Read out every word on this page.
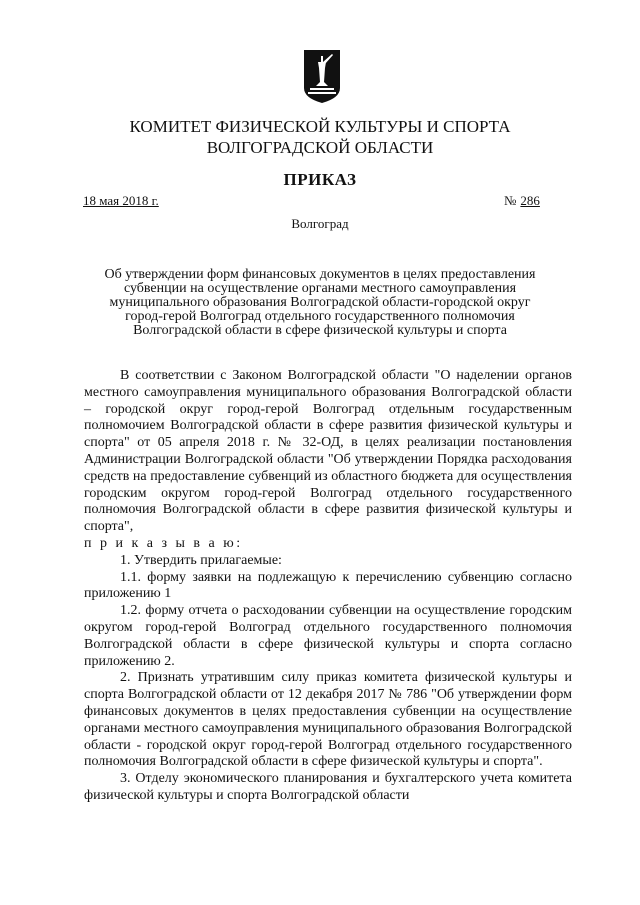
КОМИТЕТ ФИЗИЧЕСКОЙ КУЛЬТУРЫ И СПОРТА
ВОЛГОГРАДСКОЙ ОБЛАСТИ
ПРИКАЗ
18 мая 2018 г.	№ 286
Волгоград
Об утверждении форм финансовых документов в целях предоставления
субвенции на осуществление органами местного самоуправления
муниципального образования Волгоградской области-городской округ
город-герой Волгоград отдельного государственного полномочия
Волгоградской области в сфере физической культуры и спорта

В соответствии с Законом Волгоградской области "О наделении органов местного самоуправления муниципального образования Волгоградской области – городской округ город-герой Волгоград отдельным государственным полномочием Волгоградской области в сфере развития физической культуры и спорта" от 05 апреля 2018 г. № 32-ОД, в целях реализации постановления Администрации Волгоградской области "Об утверждении Порядка расходования средств на предоставление субвенций из областного бюджета для осуществления городским округом город-герой Волгоград отдельного государственного полномочия Волгоградской области в сфере развития физической культуры и спорта",

п р и к а з ы в а ю:

1. Утвердить прилагаемые:

1.1. форму заявки на подлежащую к перечислению субвенцию согласно приложению 1

1.2. форму отчета о расходовании субвенции на осуществление городским округом город-герой Волгоград отдельного государственного полномочия Волгоградской области в сфере физической культуры и спорта согласно приложению 2.

2. Признать утратившим силу приказ комитета физической культуры и спорта Волгоградской области от 12 декабря 2017 № 786 "Об утверждении форм финансовых документов в целях предоставления субвенции на осуществление органами местного самоуправления муниципального образования Волгоградской области - городской округ город-герой Волгоград отдельного государственного полномочия Волгоградской области в сфере физической культуры и спорта".

3. Отделу экономического планирования и бухгалтерского учета комитета физической культуры и спорта Волгоградской области
